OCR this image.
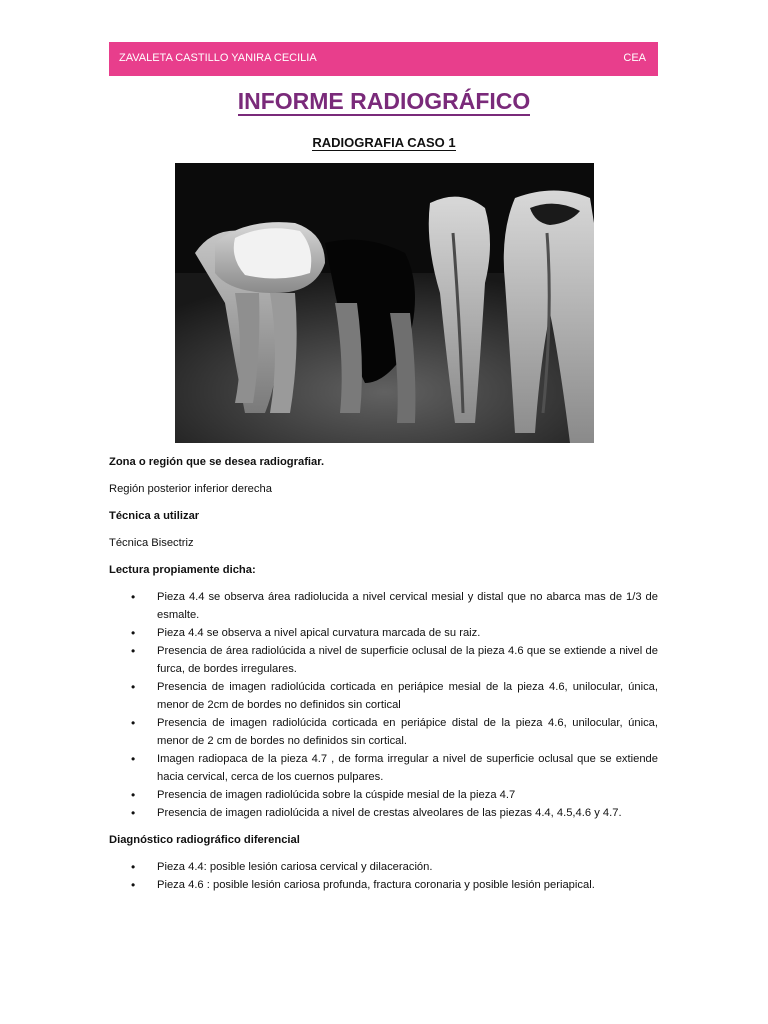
ZAVALETA CASTILLO YANIRA CECILIA	CEA
INFORME RADIOGRÁFICO
RADIOGRAFIA CASO 1

Zona o región que se desea radiografiar.

Región posterior inferior derecha

Técnica a utilizar

Técnica Bisectriz

Lectura propiamente dicha:

• Pieza 4.4 se observa área radiolucida a nivel cervical mesial y distal que no abarca mas de 1/3 de esmalte.
• Pieza 4.4 se observa a nivel apical curvatura marcada de su raiz.
• Presencia de área radiolúcida a nivel de superficie oclusal de la pieza 4.6 que se extiende a nivel de furca, de bordes irregulares.
• Presencia de imagen radiolúcida corticada en periápice mesial de la pieza 4.6, unilocular, única, menor de 2cm de bordes no definidos sin cortical
• Presencia de imagen radiolúcida corticada en periápice distal de la pieza 4.6, unilocular, única, menor de 2 cm de bordes no definidos sin cortical.
• Imagen radiopaca de la pieza 4.7 , de forma irregular a nivel de superficie oclusal que se extiende hacia cervical, cerca de los cuernos pulpares.
• Presencia de imagen radiolúcida sobre la cúspide mesial de la pieza 4.7
• Presencia de imagen radiolúcida a nivel de crestas alveolares de las piezas 4.4, 4.5,4.6 y 4.7.

Diagnóstico radiográfico diferencial

• Pieza 4.4: posible lesión cariosa cervical y dilaceración.
• Pieza 4.6 : posible lesión cariosa profunda, fractura coronaria y posible lesión periapical.
